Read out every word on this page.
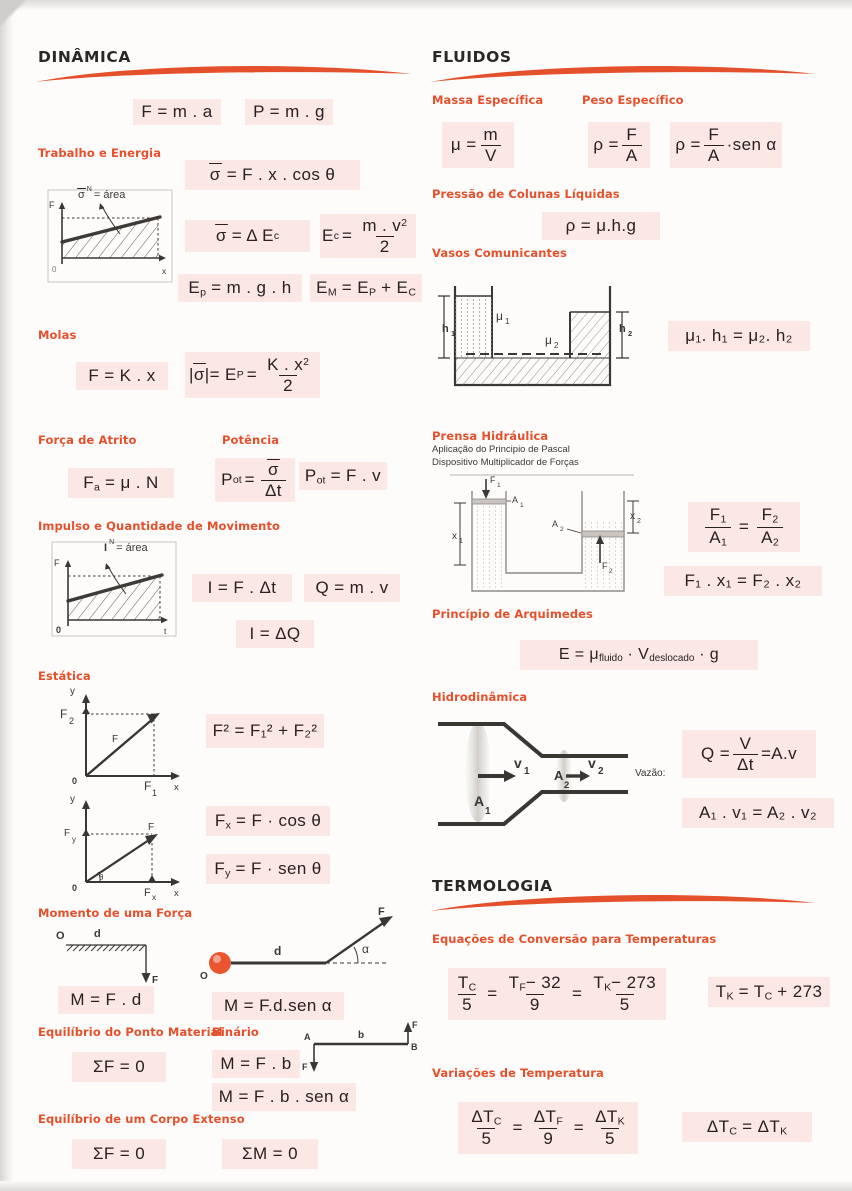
DINÂMICA
F = m . a	P = m . g
Trabalho e Energia
F
0	x
σ $^N$ = área
σ = F . x . cos θ
σ = Δ E c	E $c = \frac{m . v^2}{2}$
$E_p = m$ . g . h $E_M = E_P + E_C$
Molas
F = K . x	|σ|= E $P = \frac{K . x^2}{2}$
Força de Atrito	Potência
$F_a = \mu$ . N	P ot = $\frac{\sigma}{\Delta t} P_{ot} = F$ . v
Impulso e Quantidade de Movimento
F
0	t
I $^N$ = área
I = F . Δt	Q = m . v
I = ΔQ
Estática
y
x
0
F 2
F 1
F	F² = F₁² + F₂²
y
x
0
F
y
F x
F
θ
$F_x = F \cdot \cos \theta$
$F_y = F$ · sen θ
Momento de uma Força
O	d
F
M = F . d
O
d	α
F
M = F.d.sen α
Equilíbrio do Ponto Material
Binário
ΣF = 0	M = F . b
A
B
b
F
F
M = F . b . sen α
Equilíbrio de um Corpo Extenso
ΣF = 0	ΣM = 0
FLUIDOS
Massa Específica	Peso Específico
$\mu = \frac{m}{V}$	$\rho = \frac{F}{A}$ $\rho = \frac{F}{A} \cdot sen$ α
Pressão de Colunas Líquidas
ρ = μ.h.g
Vasos Comunicantes
h 1	h 2
μ 1
μ 2
μ₁. h₁ = μ₂. h₂
Prensa Hidráulica
Aplicação do Principio de Pascal
Dispositivo Multiplicador de Forças
F
1
A
1
A
2
F
2
x 1
x 2	$\frac{F_1}{A_1} = \frac{F_2}{A_2}$
F₁ . x₁ = F₂ . x₂
Princípio de Arquimedes
$E = \mu_{fluido} \cdot V_{deslocado} \cdot g$
Hidrodinâmica
v
1
A
1
A
2
v
2	Vazão:
$Q = \frac{V}{\Delta t} =A.v$
A₁ . v₁ = A₂ . v₂
TERMOLOGIA
Equações de Conversão para Temperaturas
$\frac{T_C}{5} = \frac{T_F- 32}{9} = \frac{T_K- 273}{5}$	$T_K = T_C + 273$
Variações de Temperatura
$\frac{\Delta T_C}{5} = \frac{\Delta T_F}{9} = \frac{\Delta T_K}{5}$	$\Delta T_C = \Delta T_K$
